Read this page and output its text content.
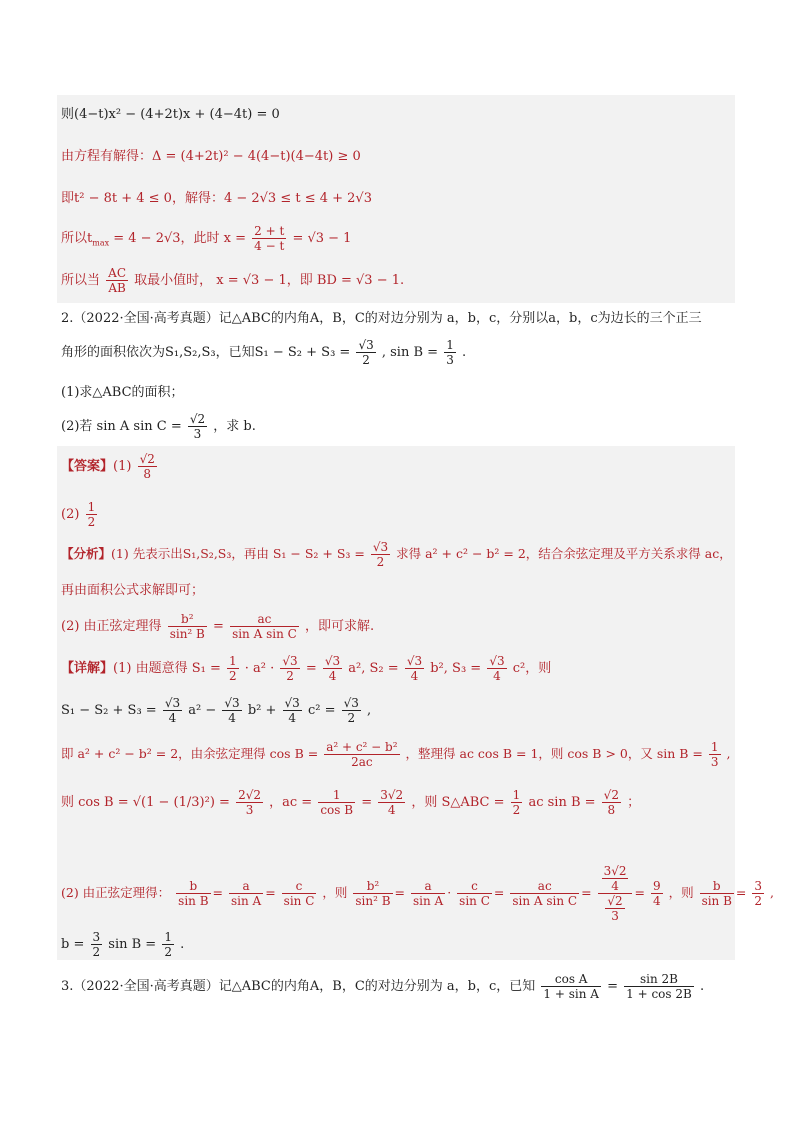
则(4−t)x² − (4+2t)x + (4−4t) = 0
由方程有解得：Δ = (4+2t)² − 4(4−t)(4−4t) ≥ 0
即t² − 8t + 4 ≤ 0，解得：4 − 2√3 ≤ t ≤ 4 + 2√3
所以$t_{max} = 4 - 2√3$，此时 $x = \frac{2 + t}{4 - t} = √3 - 1$
所以当 $\frac{AC}{AB}$ 取最小值时， x = √3 − 1，即 BD = √3 − 1.
2.（2022·全国·高考真题）记△ABC的内角A，B，C的对边分别为 a，b，c，分别以a，b，c为边长的三个正三
角形的面积依次为S₁,S₂,S₃，已知$S_1 - S_2 + S_3 = \frac{√3}{2}$ , $\sin B = \frac{1}{3}$ .
(1)求△ABC的面积；
(2)若 sin A $\sin C = \frac{√2}{3}$ ，求 b.
【答案】$(1) \frac{√2}{8}$
$(2) \frac{1}{2}$
【分析】(1) 先表示出S₁,S₂,S₃，再由 $S_1 - S_2 + S_3 = \frac{√3}{2}$ 求得 a² + c² − b² = 2，结合余弦定理及平方关系求得 ac，
再由面积公式求解即可；
(2) 由正弦定理得 $\frac{\text{b²}}{\text{sin² B}} = \frac{ac}{\text{sin A sin C}}$ ，即可求解.
【详解】(1) 由题意得 $S_1 = \frac{1}{2} \cdot a^2 \cdot \frac{√3}{2} = \frac{√3}{4} a^2$, $S_2 = \frac{√3}{4} b^2$, $S_3 = \frac{√3}{4} c^2$，则
$S_1 - S_2 + S_3 = \frac{√3}{4} a^2 - \frac{√3}{4} b^2 + \frac{√3}{4} c^2 = \frac{√3}{2}$ ,
即 a² + c² − b² = 2，由余弦定理得 $\cos B = \frac{\text{a² + c² − b²}}{2ac}$ ，整理得 ac cos B = 1，则 cos B > 0，又 $\sin B = \frac{1}{3}$ ,
则 $\cos B = √(1 - (1/3)^2) = \frac{2√2}{3}$ ，ac = $\frac{1}{\text{cos B}} = \frac{3√2}{4}$ ，则 S△ABC = $\frac{1}{2}$ ac $\sin B = \frac{√2}{8}$ ；
(2) 由正弦定理得： $\frac{b}{\text{sin B}} = \frac{a}{\text{sin A}} = \frac{c}{\text{sin C}}$ ，则 $\frac{\text{b²}}{\text{sin² B}} = \frac{a}{\text{sin A}} \cdot \frac{c}{\text{sin C}} = \frac{ac}{\text{sin A sin C}} = \frac{\frac{3√2}{4}}{\frac{√2}{3}} = \frac{9}{4}$ ，则 $\frac{b}{\text{sin B}} = \frac{3}{2}$ ,
$b = \frac{3}{2}$ $\sin B = \frac{1}{2}$ .
3.（2022·全国·高考真题）记△ABC的内角A，B，C的对边分别为 a，b，c，已知 $\frac{\text{cos A}}{\text{1 + sin A}} = \frac{\sin 2B}{1 + \cos 2B}$ .
